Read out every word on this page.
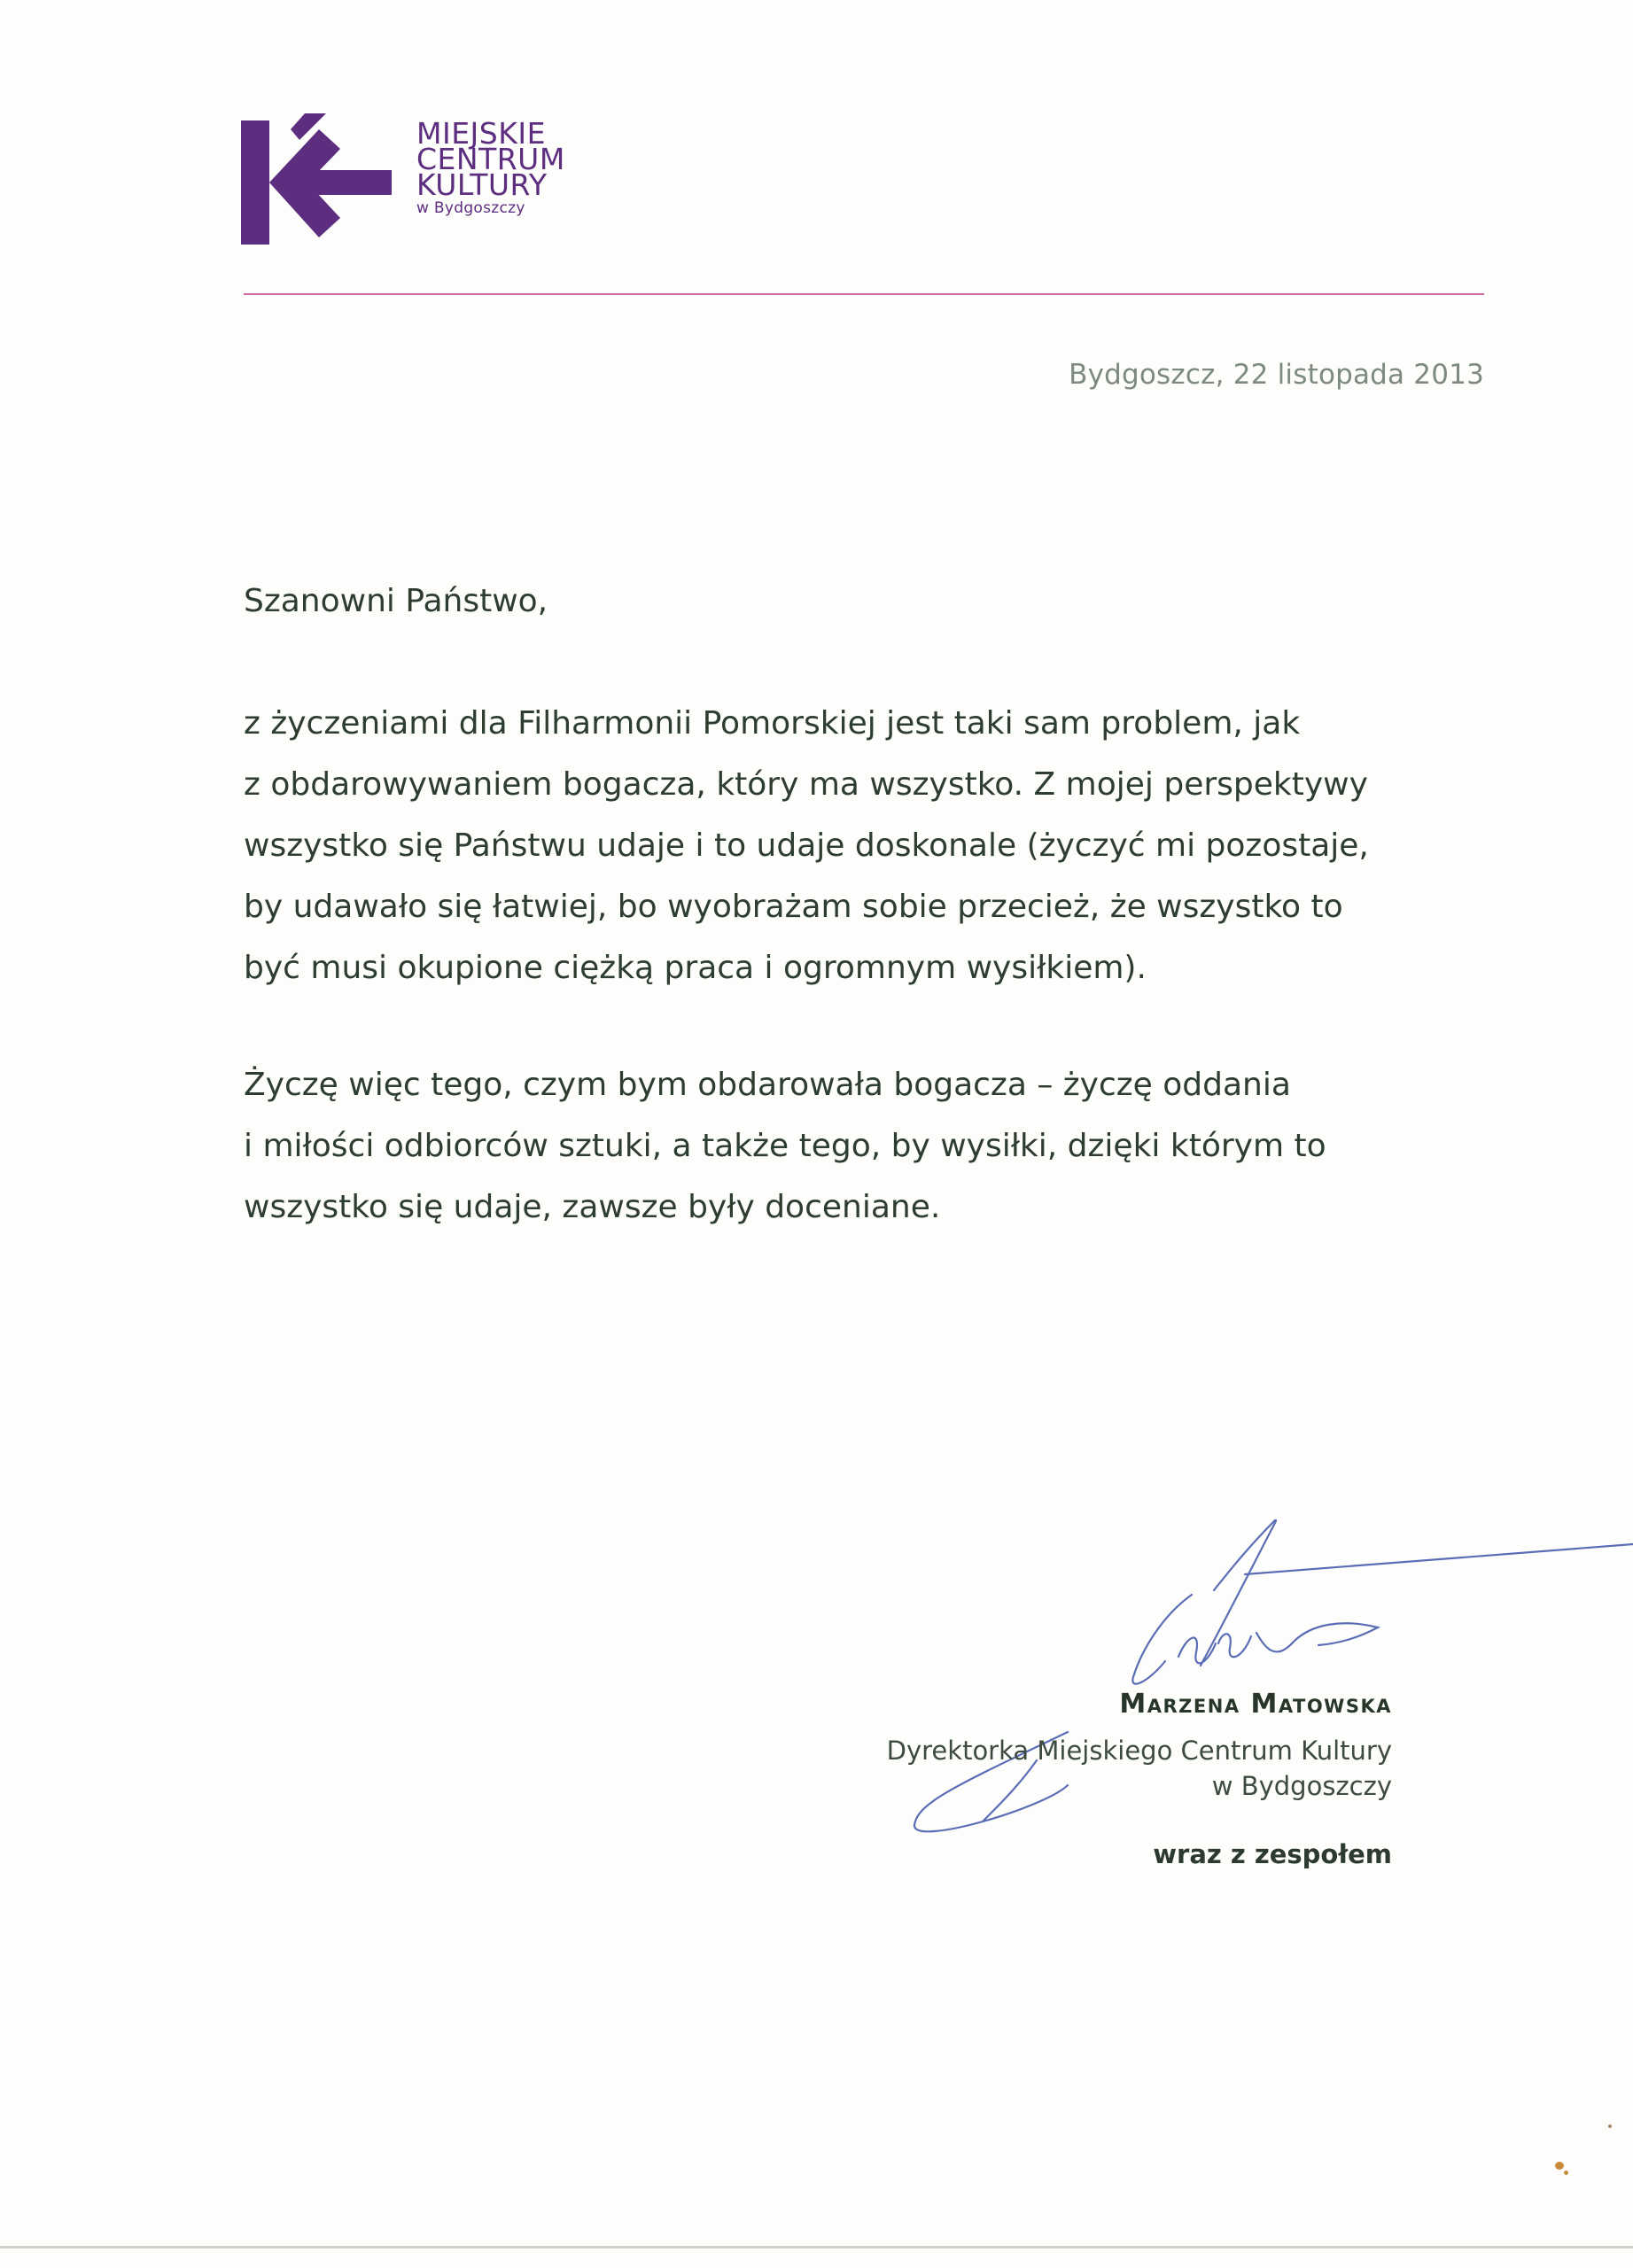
MIEJSKIE
CENTRUM
KULTURY
w Bydgoszczy
Bydgoszcz, 22 listopada 2013
Szanowni Państwo,
z życzeniami dla Filharmonii Pomorskiej jest taki sam problem, jak
z obdarowywaniem bogacza, który ma wszystko. Z mojej perspektywy
wszystko się Państwu udaje i to udaje doskonale (życzyć mi pozostaje,
by udawało się łatwiej, bo wyobrażam sobie przecież, że wszystko to
być musi okupione ciężką praca i ogromnym wysiłkiem).
Życzę więc tego, czym bym obdarowała bogacza – życzę oddania
i miłości odbiorców sztuki, a także tego, by wysiłki, dzięki którym to
wszystko się udaje, zawsze były doceniane.
Marzena Matowska
Dyrektorka Miejskiego Centrum Kultury
w Bydgoszczy
wraz z zespołem
